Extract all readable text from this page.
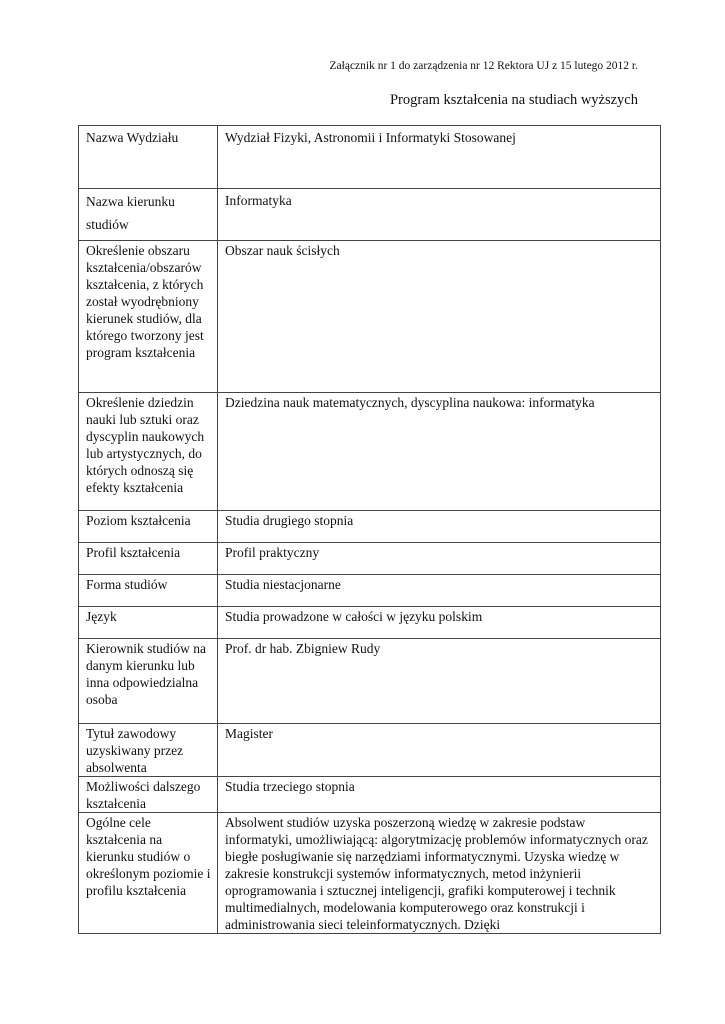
Załącznik nr 1 do zarządzenia nr 12 Rektora UJ z 15 lutego 2012 r.
Program kształcenia na studiach wyższych
Nazwa Wydziału	Wydział Fizyki, Astronomii i Informatyki Stosowanej

Nazwa kierunku studiów	Informatyka

Określenie obszaru kształcenia/obszarów kształcenia, z których został wyodrębniony kierunek studiów, dla którego tworzony jest program kształcenia	Obszar nauk ścisłych

Określenie dziedzin nauki lub sztuki oraz dyscyplin naukowych lub artystycznych, do których odnoszą się efekty kształcenia	Dziedzina nauk matematycznych, dyscyplina naukowa: informatyka

Poziom kształcenia	Studia drugiego stopnia

Profil kształcenia	Profil praktyczny

Forma studiów	Studia niestacjonarne

Język	Studia prowadzone w całości w języku polskim

Kierownik studiów na danym kierunku lub inna odpowiedzialna osoba	Prof. dr hab. Zbigniew Rudy

Tytuł zawodowy uzyskiwany przez absolwenta	Magister

Możliwości dalszego kształcenia	Studia trzeciego stopnia

Ogólne cele kształcenia na kierunku studiów o określonym poziomie i profilu kształcenia	Absolwent studiów uzyska poszerzoną wiedzę w zakresie podstaw informatyki, umożliwiającą: algorytmizację problemów informatycznych oraz biegłe posługiwanie się narzędziami informatycznymi. Uzyska wiedzę w zakresie konstrukcji systemów informatycznych, metod inżynierii oprogramowania i sztucznej inteligencji, grafiki komputerowej i technik multimedialnych, modelowania komputerowego oraz konstrukcji i administrowania sieci teleinformatycznych. Dzięki
